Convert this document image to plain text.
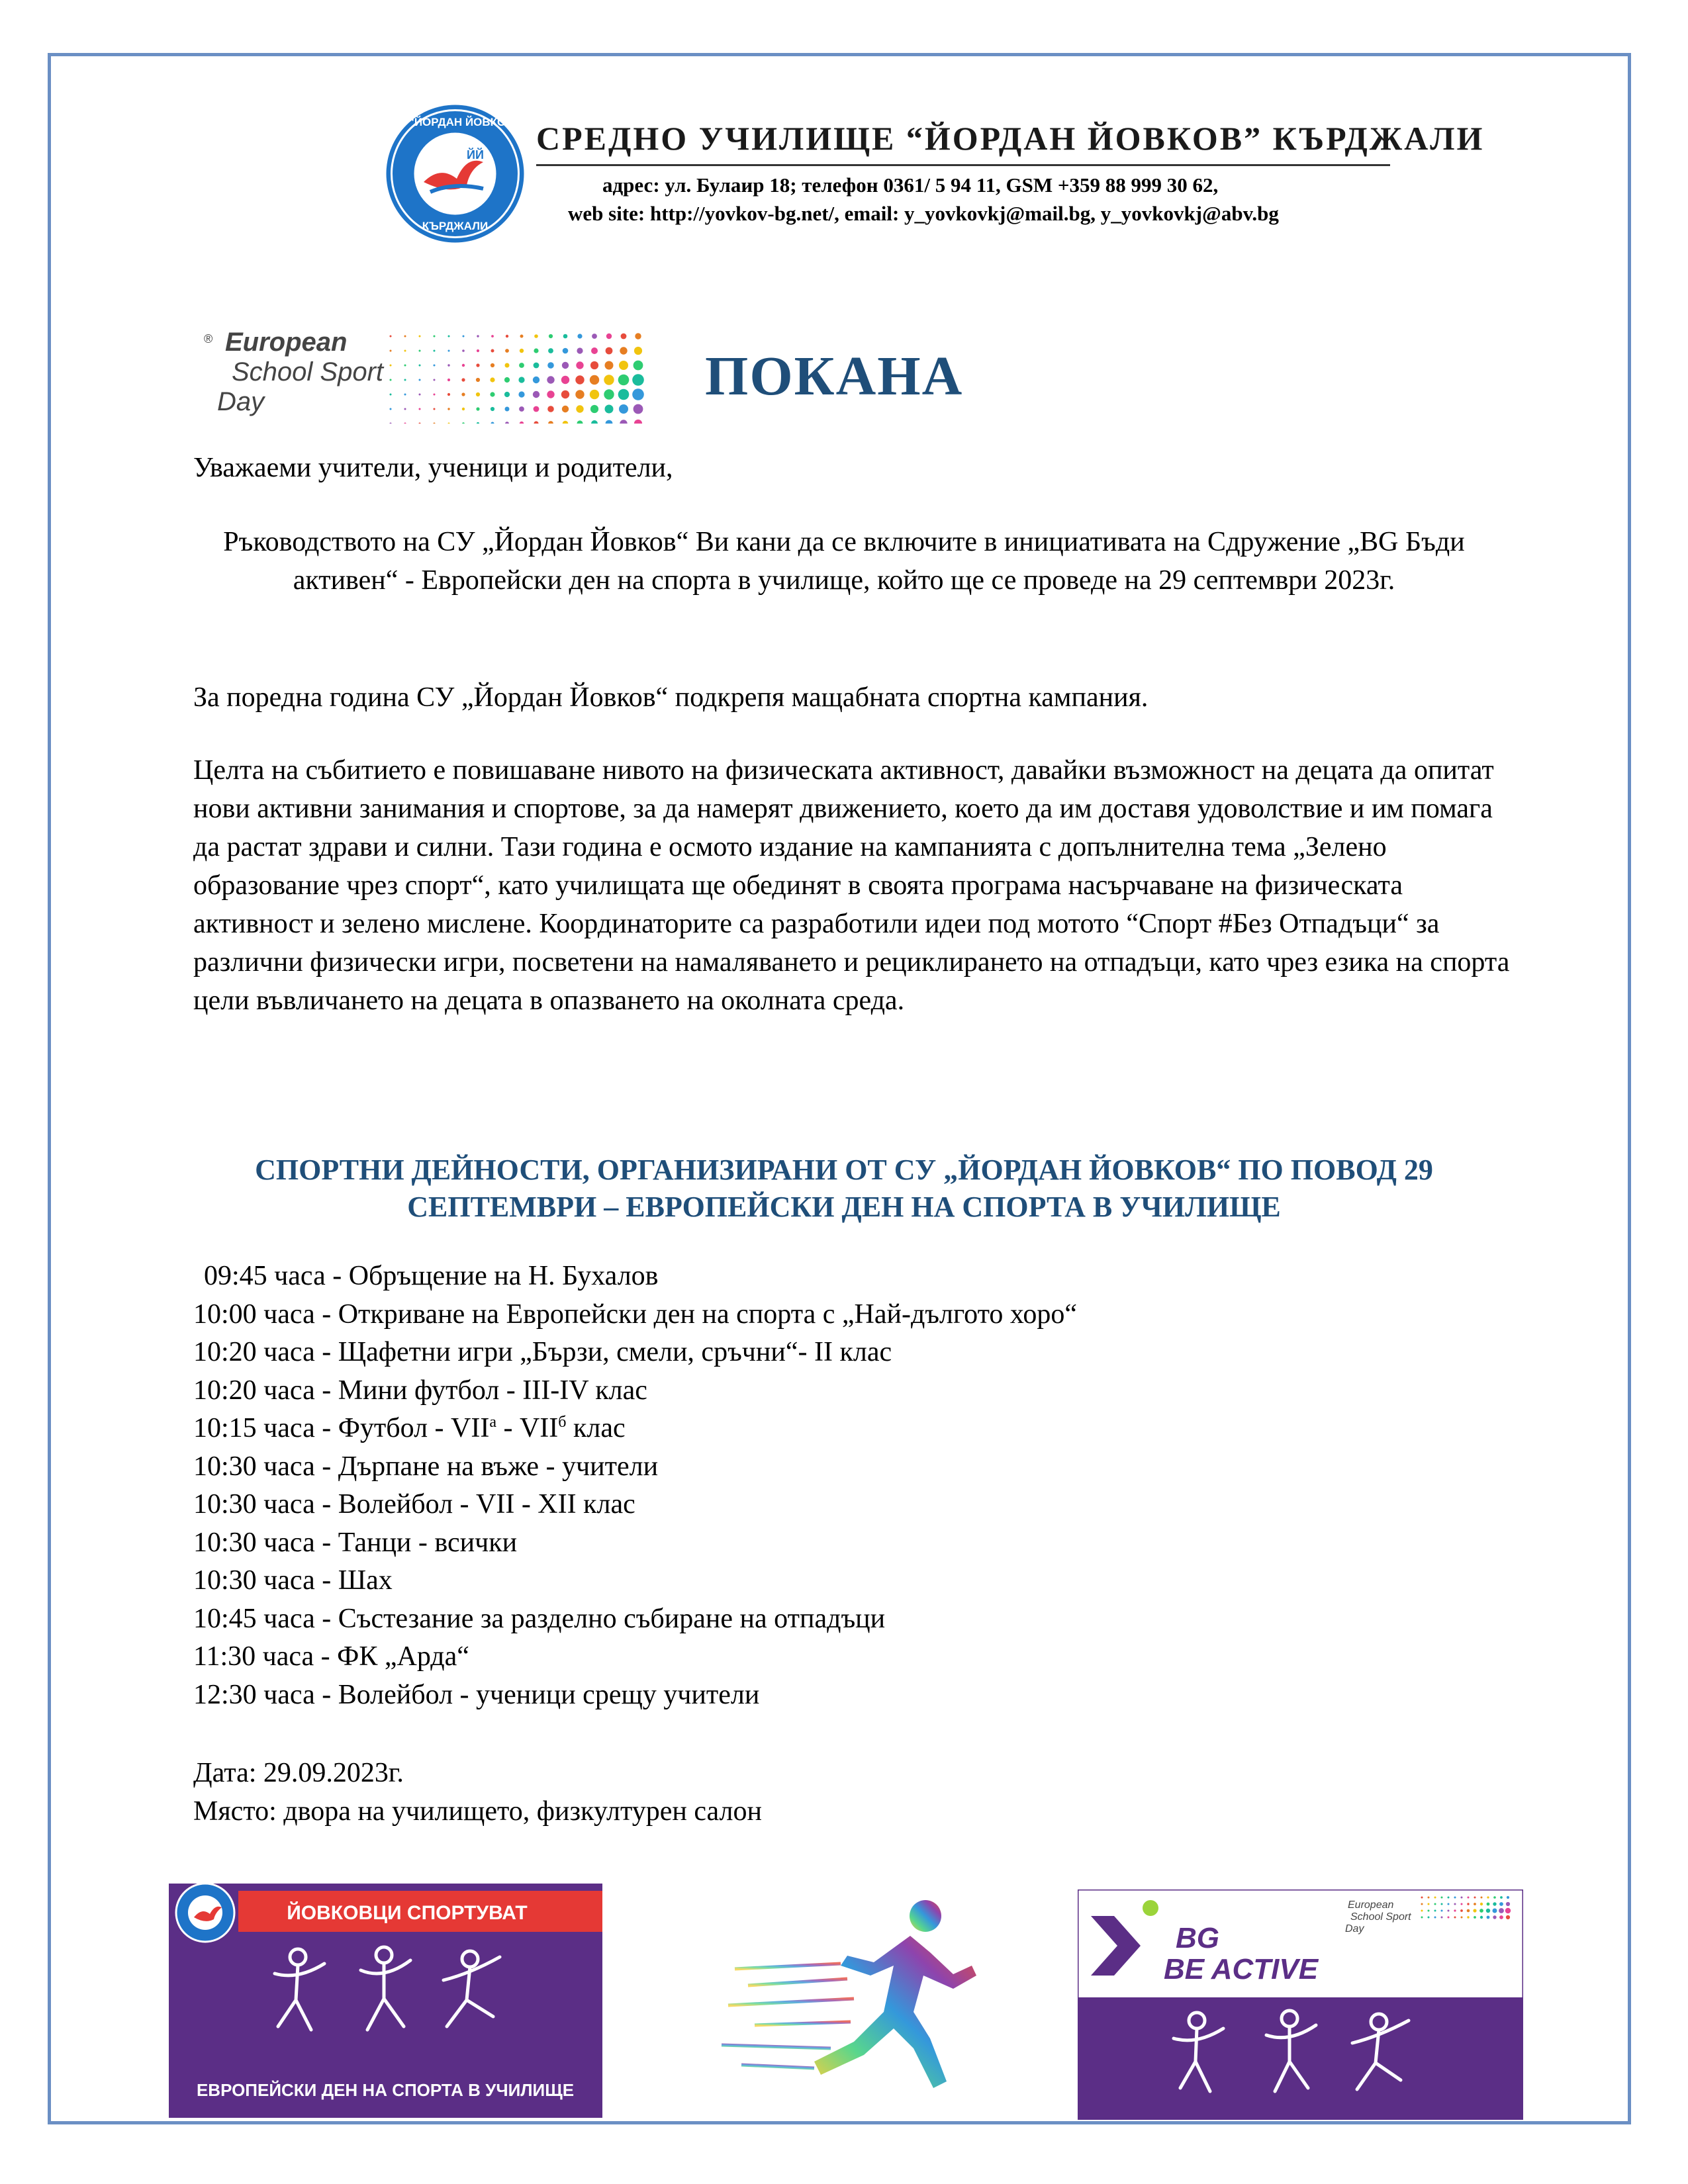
ЙЙ
СУ "ЙОРДАН ЙОВКОВ"
КЪРДЖАЛИ
СРЕДНО УЧИЛИЩЕ “ЙОРДАН ЙОВКОВ” КЪРДЖАЛИ
адрес: ул. Булаир 18; телефон 0361/ 5 94 11, GSM +359 88 999 30 62,
web site: http://yovkov-bg.net/, email: y_yovkovkj@mail.bg, y_yovkovkj@abv.bg
® European
School Sport
Day	ПОКАНА
Уважаеми учители, ученици и родители,
Ръководството на СУ „Йордан Йовков“ Ви кани да се включите в инициативата на Сдружение „BG Бъди активен“ - Европейски ден на спорта в училище, който ще се проведе на 29 септември 2023г.
За поредна година СУ „Йордан Йовков“ подкрепя мащабната спортна кампания.
Целта на събитието е повишаване нивото на физическата активност, давайки възможност на децата да опитат нови активни занимания и спортове, за да намерят движението, което да им доставя удоволствие и им помага да растат здрави и силни. Тази година е осмото издание на кампанията с допълнителна тема „Зелено образование чрез спорт“, като училищата ще обединят в своята програма насърчаване на физическата активност и зелено мислене. Координаторите са разработили идеи под мотото “Спорт #Без Отпадъци“ за различни физически игри, посветени на намаляването и рециклирането на отпадъци, като чрез езика на спорта цели въвличането на децата в опазването на околната среда.
СПОРТНИ ДЕЙНОСТИ, ОРГАНИЗИРАНИ ОТ СУ „ЙОРДАН ЙОВКОВ“ ПО ПОВОД 29 СЕПТЕМВРИ – ЕВРОПЕЙСКИ ДЕН НА СПОРТА В УЧИЛИЩЕ
09:45 часа - Обръщение на Н. Бухалов
10:00 часа - Откриване на Европейски ден на спорта с „Най-дългото хоро“
10:20 часа - Щафетни игри „Бързи, смели, сръчни“- II клас
10:20 часа - Мини футбол - III-IV клас
10:15 часа - Футбол - $VII^а - VII^б$ клас
10:30 часа - Дърпане на въже - учители
10:30 часа - Волейбол - VII - XII клас
10:30 часа - Танци - всички
10:30 часа - Шах
10:45 часа - Състезание за разделно събиране на отпадъци
11:30 часа - ФК „Арда“
12:30 часа - Волейбол - ученици срещу учители
Дата: 29.09.2023г.
Място: двора на училището, физкултурен салон
ЙОВКОВЦИ СПОРТУВАТ
ЕВРОПЕЙСКИ ДЕН НА СПОРТА В УЧИЛИЩЕ
BG
BE ACTIVE
European
School Sport
Day
